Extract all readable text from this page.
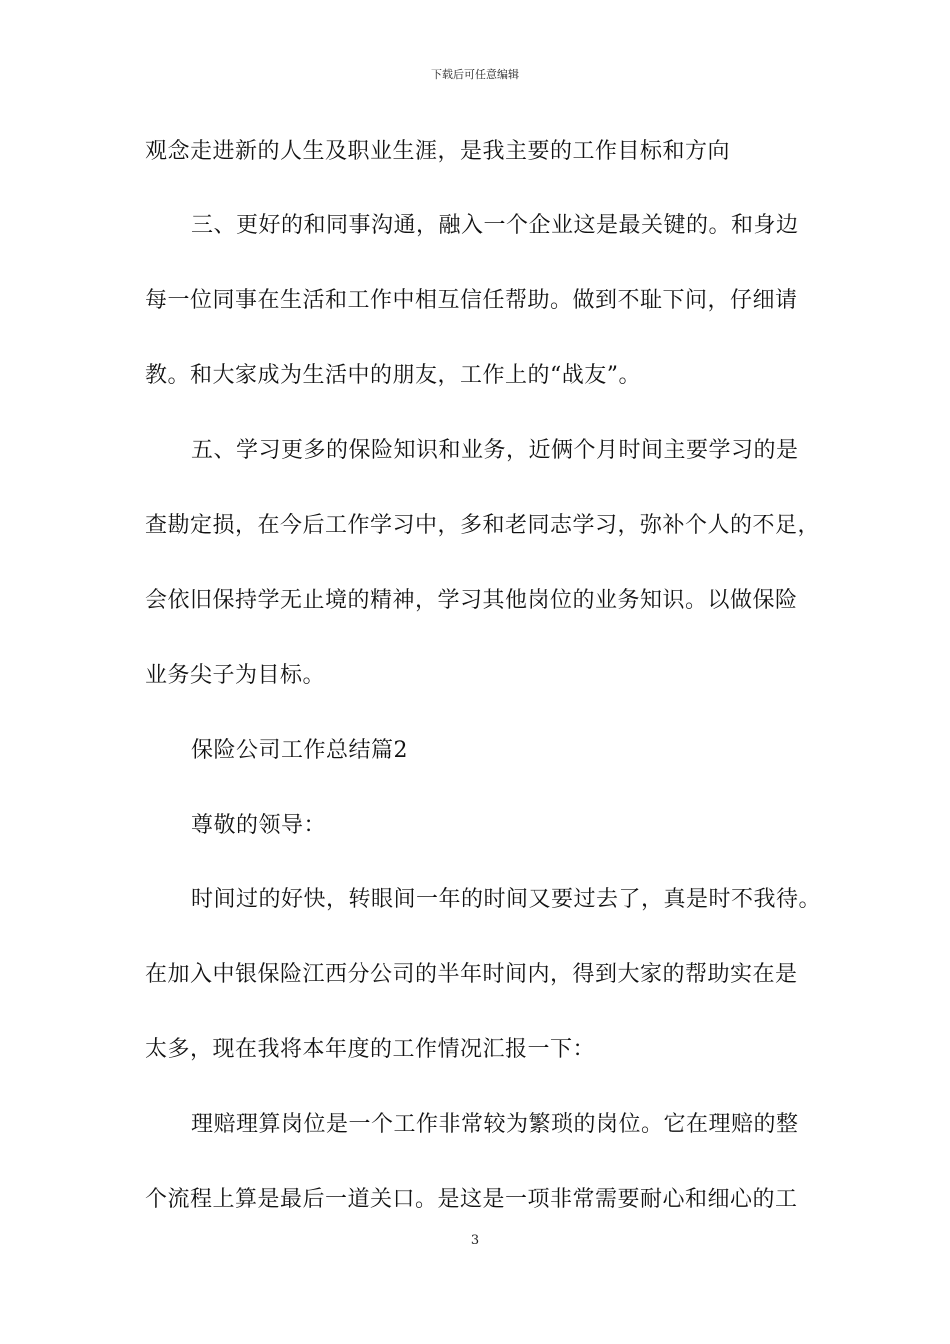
下载后可任意编辑
观念走进新的人生及职业生涯，是我主要的工作目标和方向
三、更好的和同事沟通，融入一个企业这是最关键的。和身边
每一位同事在生活和工作中相互信任帮助。做到不耻下问，仔细请
教。和大家成为生活中的朋友，工作上的“战友”。
五、学习更多的保险知识和业务，近俩个月时间主要学习的是
查勘定损，在今后工作学习中，多和老同志学习，弥补个人的不足，
会依旧保持学无止境的精神，学习其他岗位的业务知识。以做保险
业务尖子为目标。
保险公司工作总结篇2
尊敬的领导：
时间过的好快，转眼间一年的时间又要过去了，真是时不我待。
在加入中银保险江西分公司的半年时间内，得到大家的帮助实在是
太多，现在我将本年度的工作情况汇报一下：
理赔理算岗位是一个工作非常较为繁琐的岗位。它在理赔的整
个流程上算是最后一道关口。是这是一项非常需要耐心和细心的工
3
